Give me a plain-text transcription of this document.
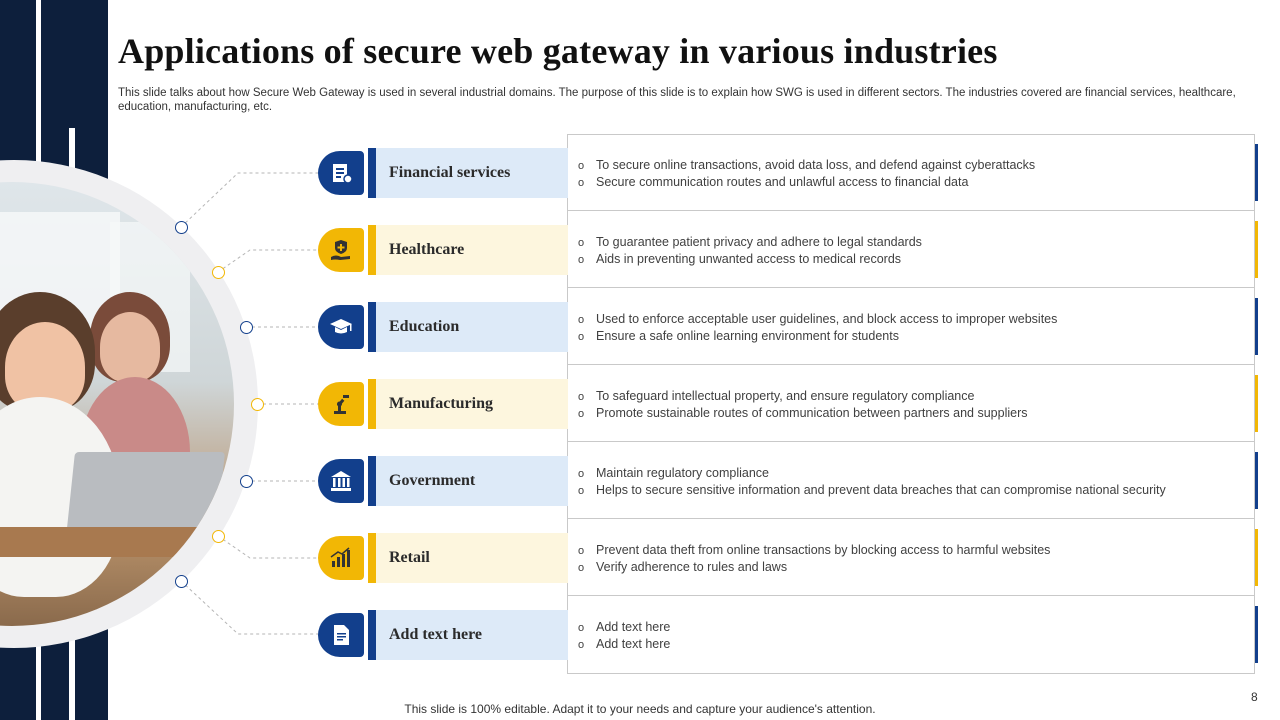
Applications of secure web gateway in various industries
This slide talks about how Secure Web Gateway is used in several industrial domains. The purpose of this slide is to explain how SWG is used in different sectors. The industries covered are financial services, healthcare, education, manufacturing, etc.
Financial services	o To secure online transactions, avoid data loss, and defend against cyberattacks
o Secure communication routes and unlawful access to financial data
Healthcare	o To guarantee patient privacy and adhere to legal standards
o Aids in preventing unwanted access to medical records
Education	o Used to enforce acceptable user guidelines, and block access to improper websites
o Ensure a safe online learning environment for students
Manufacturing	o To safeguard intellectual property, and ensure regulatory compliance
o Promote sustainable routes of communication between partners and suppliers
Government	o Maintain regulatory compliance
o Helps to secure sensitive information and prevent data breaches that can compromise national security
Retail	o Prevent data theft from online transactions by blocking access to harmful websites
o Verify adherence to rules and laws
Add text here	o Add text here
o Add text here
This slide is 100% editable. Adapt it to your needs and capture your audience's attention.
8
